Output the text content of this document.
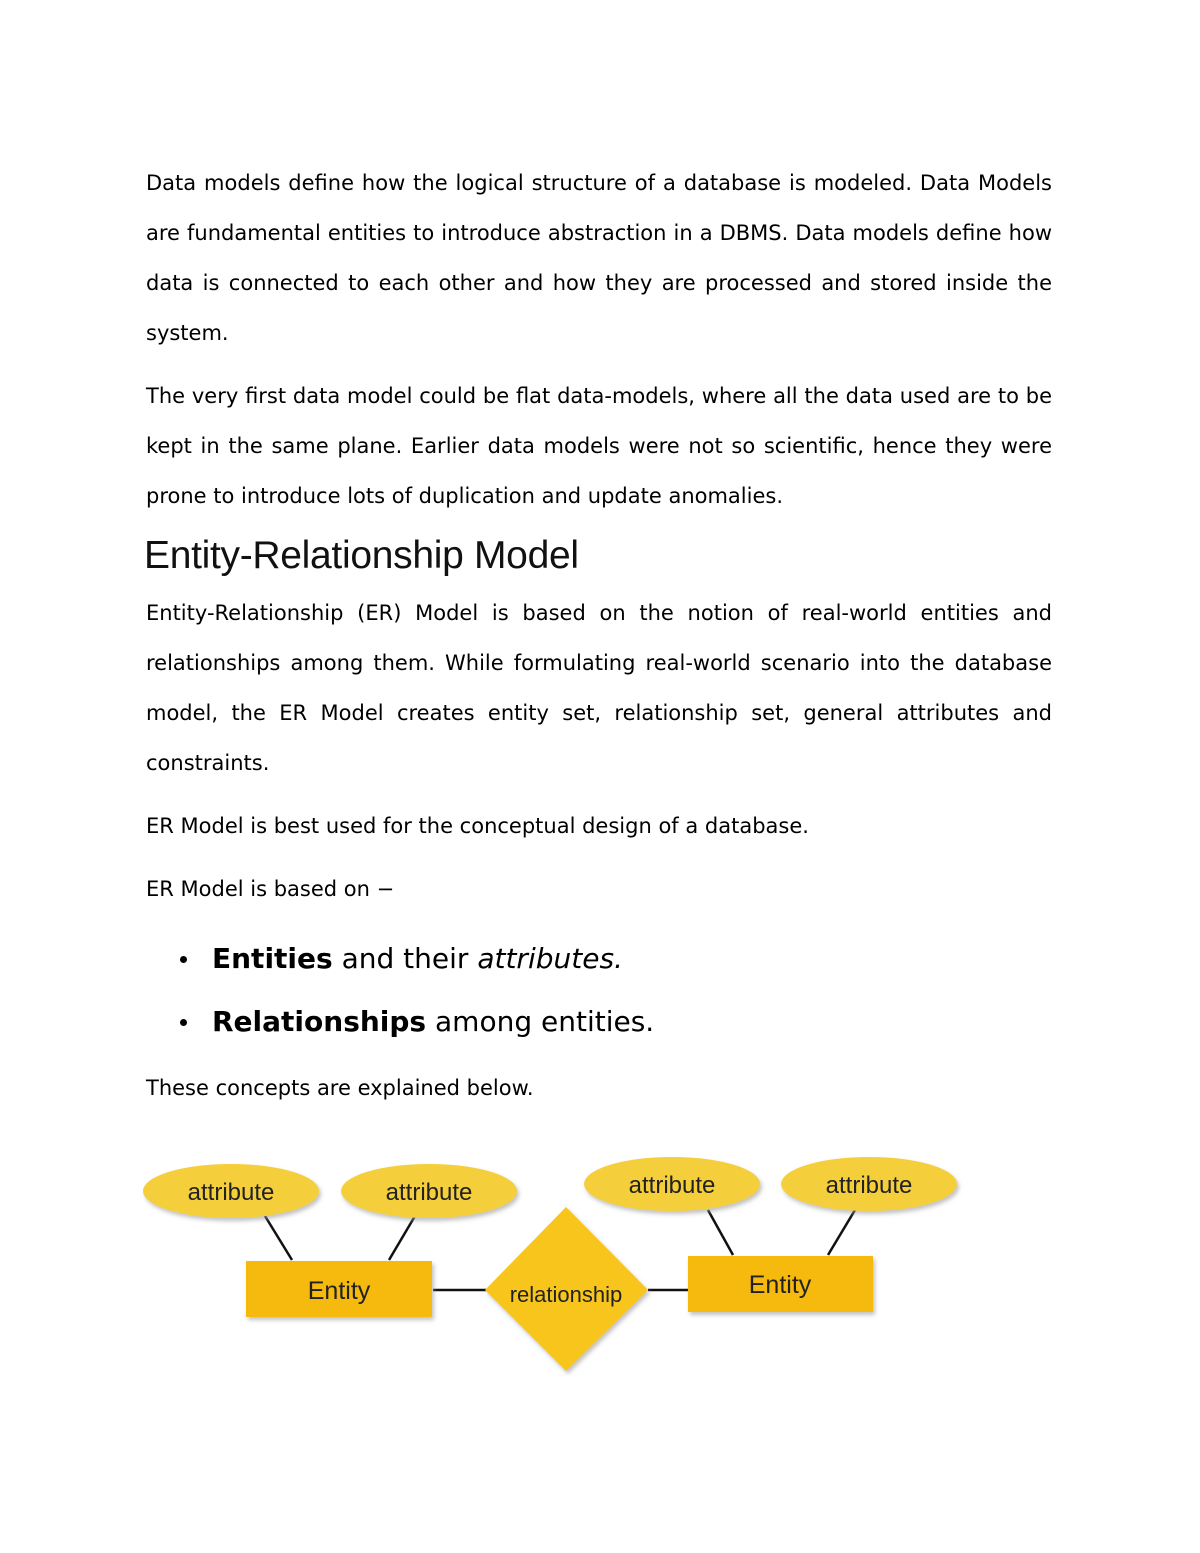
Data models define how the logical structure of a database is modeled. Data Models are fundamental entities to introduce abstraction in a DBMS. Data models define how data is connected to each other and how they are processed and stored inside the system.

The very first data model could be flat data-models, where all the data used are to be kept in the same plane. Earlier data models were not so scientific, hence they were prone to introduce lots of duplication and update anomalies.

Entity-Relationship Model

Entity-Relationship (ER) Model is based on the notion of real-world entities and relationships among them. While formulating real-world scenario into the database model, the ER Model creates entity set, relationship set, general attributes and constraints.

ER Model is best used for the conceptual design of a database.

ER Model is based on −

Entities and their attributes.
Relationships among entities.

These concepts are explained below.

attribute	attribute	attribute	attribute
Entity	Entity
relationship
